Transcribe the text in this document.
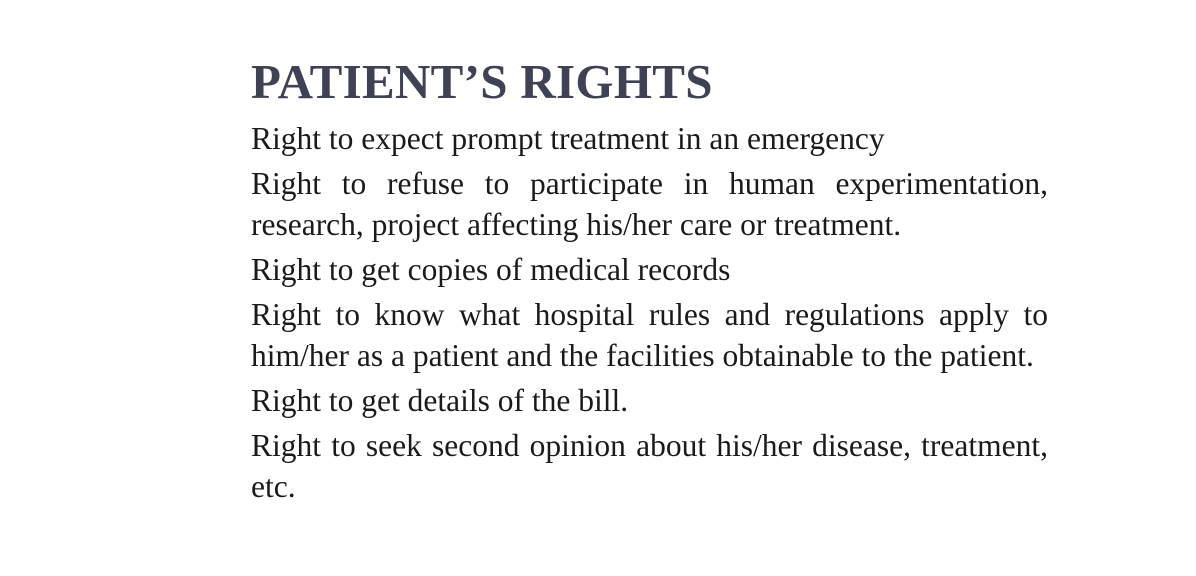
PATIENT’S RIGHTS
Right to expect prompt treatment in an emergency
Right to refuse to participate in human experimentation, research, project affecting his/her care or treatment.
Right to get copies of medical records
Right to know what hospital rules and regulations apply to him/her as a patient and the facilities obtainable to the patient.
Right to get details of the bill.
Right to seek second opinion about his/her disease, treatment, etc.
